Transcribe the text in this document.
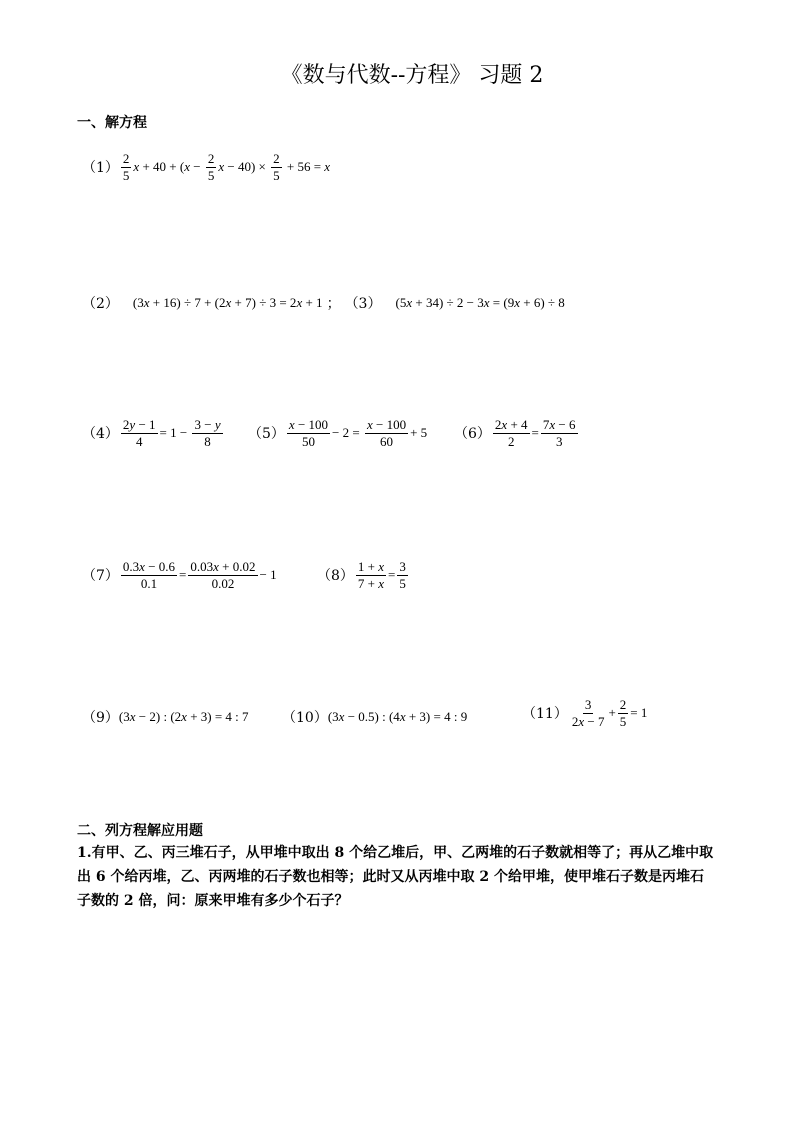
《数与代数--方程》 习题 2
一、解方程
$(1) \frac{2}{5}$ x + 40 + ( $x - \frac{2}{5}$ $x - 40) \times \frac{2}{5} + 56 = x$
（2） (3 x + 16) ÷ 7 + (2 x + 7) ÷ 3 = 2 x + 1 ； （3） (5 x + 34) ÷ 2 − 3 x = (9 x + 6) ÷ 8
$(4) \frac{2y - 1}{4} = 1 - \frac{3 - y}{8} (5) \frac{x - 100}{50} - 2 = \frac{x - 100}{60} + 5$ $(6) \frac{2x + 4}{2} = \frac{7x - 6}{3}$
$(7) \frac{0.3x - 0.6}{0.1} = \frac{0.03x + 0.02}{0.02} - 1$	$(8) \frac{1 + x}{7 + x} = \frac{3}{5}$
（9） (3 x − 2) : (2 x + 3) = 4 : 7 （10） (3 x − 0.5) : (4 x + 3) = 4 : 9	$(11) \frac{3}{2x - 7} + \frac{2}{5} = 1$
二、列方程解应用题
1.有甲、乙、丙三堆石子，从甲堆中取出 8 个给乙堆后，甲、乙两堆的石子数就相等了；再从乙堆中取出 6 个给丙堆，乙、丙两堆的石子数也相等；此时又从丙堆中取 2 个给甲堆，使甲堆石子数是丙堆石子数的 2 倍，问：原来甲堆有多少个石子？
